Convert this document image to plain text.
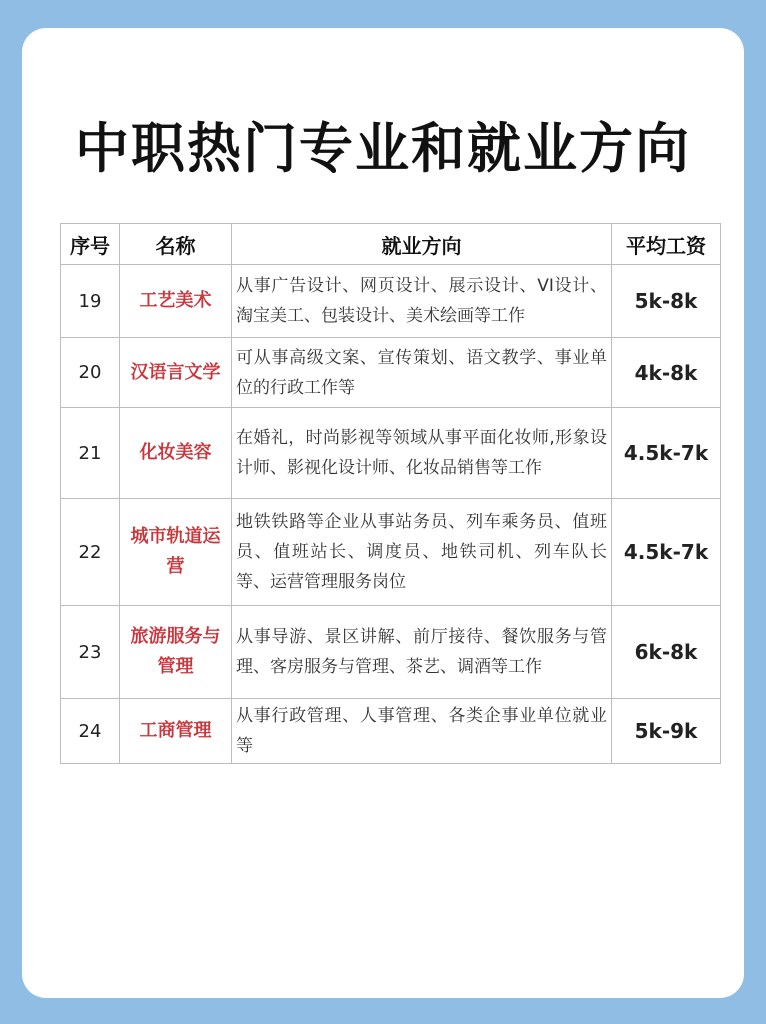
中职热门专业和就业方向
序号	名称	就业方向	平均工资
19	工艺美术	从事广告设计、网页设计、展示设计、VI设计、淘宝美工、包装设计、美术绘画等工作	5k-8k
20	汉语言文学	可从事高级文案、宣传策划、语文教学、事业单位的行政工作等	4k-8k
21	化妆美容	在婚礼，时尚影视等领域从事平面化妆师,形象设计师、影视化设计师、化妆品销售等工作	4.5k-7k
22	城市轨道运营	地铁铁路等企业从事站务员、列车乘务员、值班员、值班站长、调度员、地铁司机、列车队长等、运营管理服务岗位	4.5k-7k
23	旅游服务与管理	从事导游、景区讲解、前厅接待、餐饮服务与管理、客房服务与管理、茶艺、调酒等工作	6k-8k
24	工商管理	从事行政管理、人事管理、各类企事业单位就业等	5k-9k
